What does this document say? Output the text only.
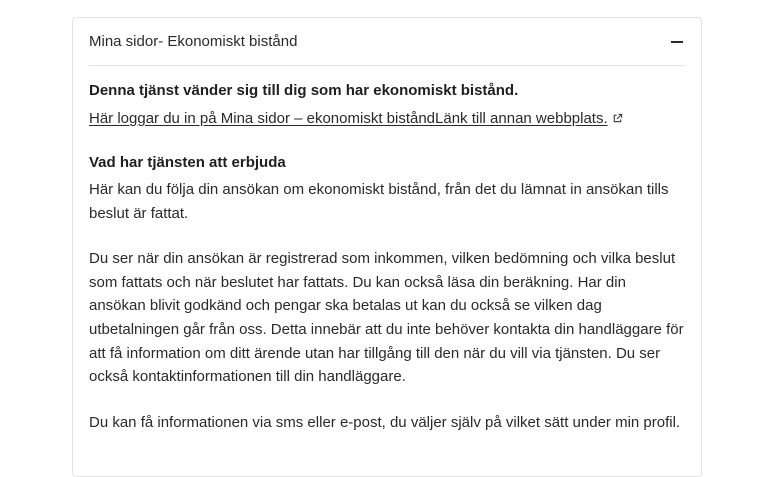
Mina sidor- Ekonomiskt bistånd

Denna tjänst vänder sig till dig som har ekonomiskt bistånd.

Här loggar du in på Mina sidor – ekonomiskt biståndLänk till annan webbplats.
Vad har tjänsten att erbjuda

Här kan du följa din ansökan om ekonomiskt bistånd, från det du lämnat in ansökan tills beslut är fattat.

Du ser när din ansökan är registrerad som inkommen, vilken bedömning och vilka beslut som fattats och när beslutet har fattats. Du kan också läsa din beräkning. Har din ansökan blivit godkänd och pengar ska betalas ut kan du också se vilken dag utbetalningen går från oss. Detta innebär att du inte behöver kontakta din handläggare för att få information om ditt ärende utan har tillgång till den när du vill via tjänsten. Du ser också kontaktinformationen till din handläggare.

Du kan få informationen via sms eller e-post, du väljer själv på vilket sätt under min profil.
